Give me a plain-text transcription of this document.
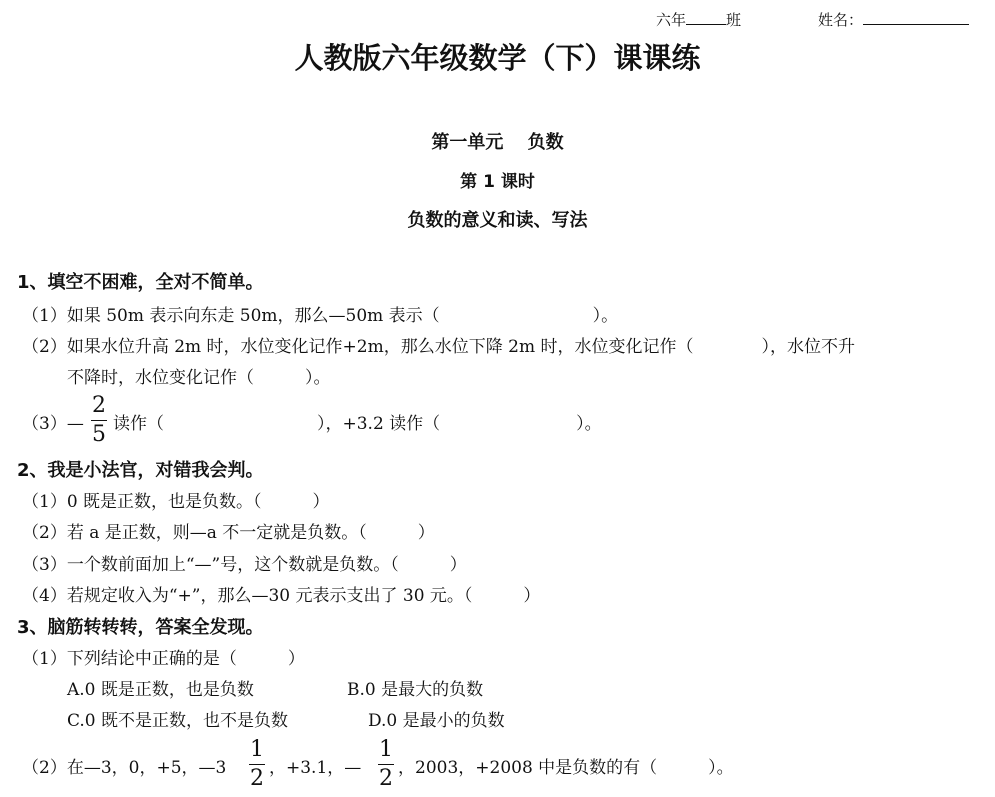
六年	班	姓名：
人教版六年级数学（下）课课练
第一单元　 负数
第 1 课时
负数的意义和读、写法
1、填空不困难，全对不简单。
（1）如果 50m 表示向东走 50m，那么—50m 表示（　　　　　　　　　）。
（2）如果水位升高 2m 时，水位变化记作+2m，那么水位下降 2m 时，水位变化记作（　　　　），水位不升
不降时，水位变化记作（　　　）。
（3）—
2
5 读作（　　　　　　　　　），+3.2 读作（　　　　　　　　）。
2、我是小法官，对错我会判。
（1）0 既是正数，也是负数。（　　　）
（2）若 a 是正数，则—a 不一定就是负数。（　　　）
（3）一个数前面加上“—”号，这个数就是负数。（　　　）
（4）若规定收入为“+”，那么—30 元表示支出了 30 元。（　　　）
3、脑筋转转转，答案全发现。
（1）下列结论中正确的是（　　　）
A.0 既是正数，也是负数	B.0 是最大的负数
C.0 既不是正数，也不是负数	D.0 是最小的负数
（2）在—3，0，+5，—3
1
2 ，+3.1，—
1
2 ，2003，+2008 中是负数的有（　　　）。
